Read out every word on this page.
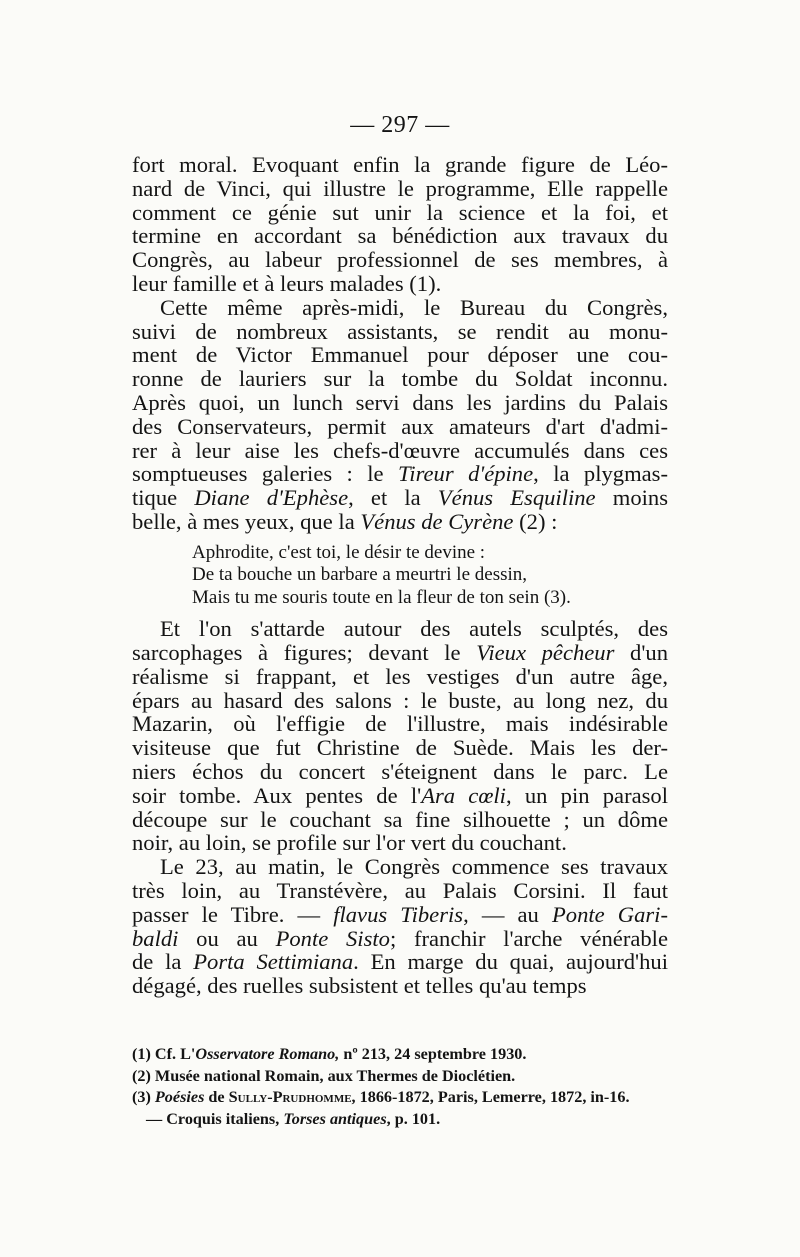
— 297 —

fort moral. Evoquant enfin la grande figure de Léo-

nard de Vinci, qui illustre le programme, Elle rappelle

comment ce génie sut unir la science et la foi, et

termine en accordant sa bénédiction aux travaux du

Congrès, au labeur professionnel de ses membres, à

leur famille et à leurs malades (1).

Cette même après-midi, le Bureau du Congrès,

suivi de nombreux assistants, se rendit au monu-

ment de Victor Emmanuel pour déposer une cou-

ronne de lauriers sur la tombe du Soldat inconnu.

Après quoi, un lunch servi dans les jardins du Palais

des Conservateurs, permit aux amateurs d'art d'admi-

rer à leur aise les chefs-d'œuvre accumulés dans ces

somptueuses galeries : le Tireur d'épine, la plygmas-

tique Diane d'Ephèse, et la Vénus Esquiline moins

belle, à mes yeux, que la Vénus de Cyrène (2) :

Aphrodite, c'est toi, le désir te devine :
De ta bouche un barbare a meurtri le dessin,
Mais tu me souris toute en la fleur de ton sein (3).

Et l'on s'attarde autour des autels sculptés, des

sarcophages à figures; devant le Vieux pêcheur d'un

réalisme si frappant, et les vestiges d'un autre âge,

épars au hasard des salons : le buste, au long nez, du

Mazarin, où l'effigie de l'illustre, mais indésirable

visiteuse que fut Christine de Suède. Mais les der-

niers échos du concert s'éteignent dans le parc. Le

soir tombe. Aux pentes de l'Ara cœli, un pin parasol

découpe sur le couchant sa fine silhouette ; un dôme

noir, au loin, se profile sur l'or vert du couchant.

Le 23, au matin, le Congrès commence ses travaux

très loin, au Transtévère, au Palais Corsini. Il faut

passer le Tibre. — flavus Tiberis, — au Ponte Gari-

baldi ou au Ponte Sisto; franchir l'arche vénérable

de la Porta Settimiana. En marge du quai, aujourd'hui

dégagé, des ruelles subsistent et telles qu'au temps

(1) Cf. L'Osservatore Romano, nº 213, 24 septembre 1930.
(2) Musée national Romain, aux Thermes de Dioclétien.
(3) Poésies de Sully-Prudhomme, 1866-1872, Paris, Lemerre, 1872, in-16.
— Croquis italiens, Torses antiques, p. 101.
